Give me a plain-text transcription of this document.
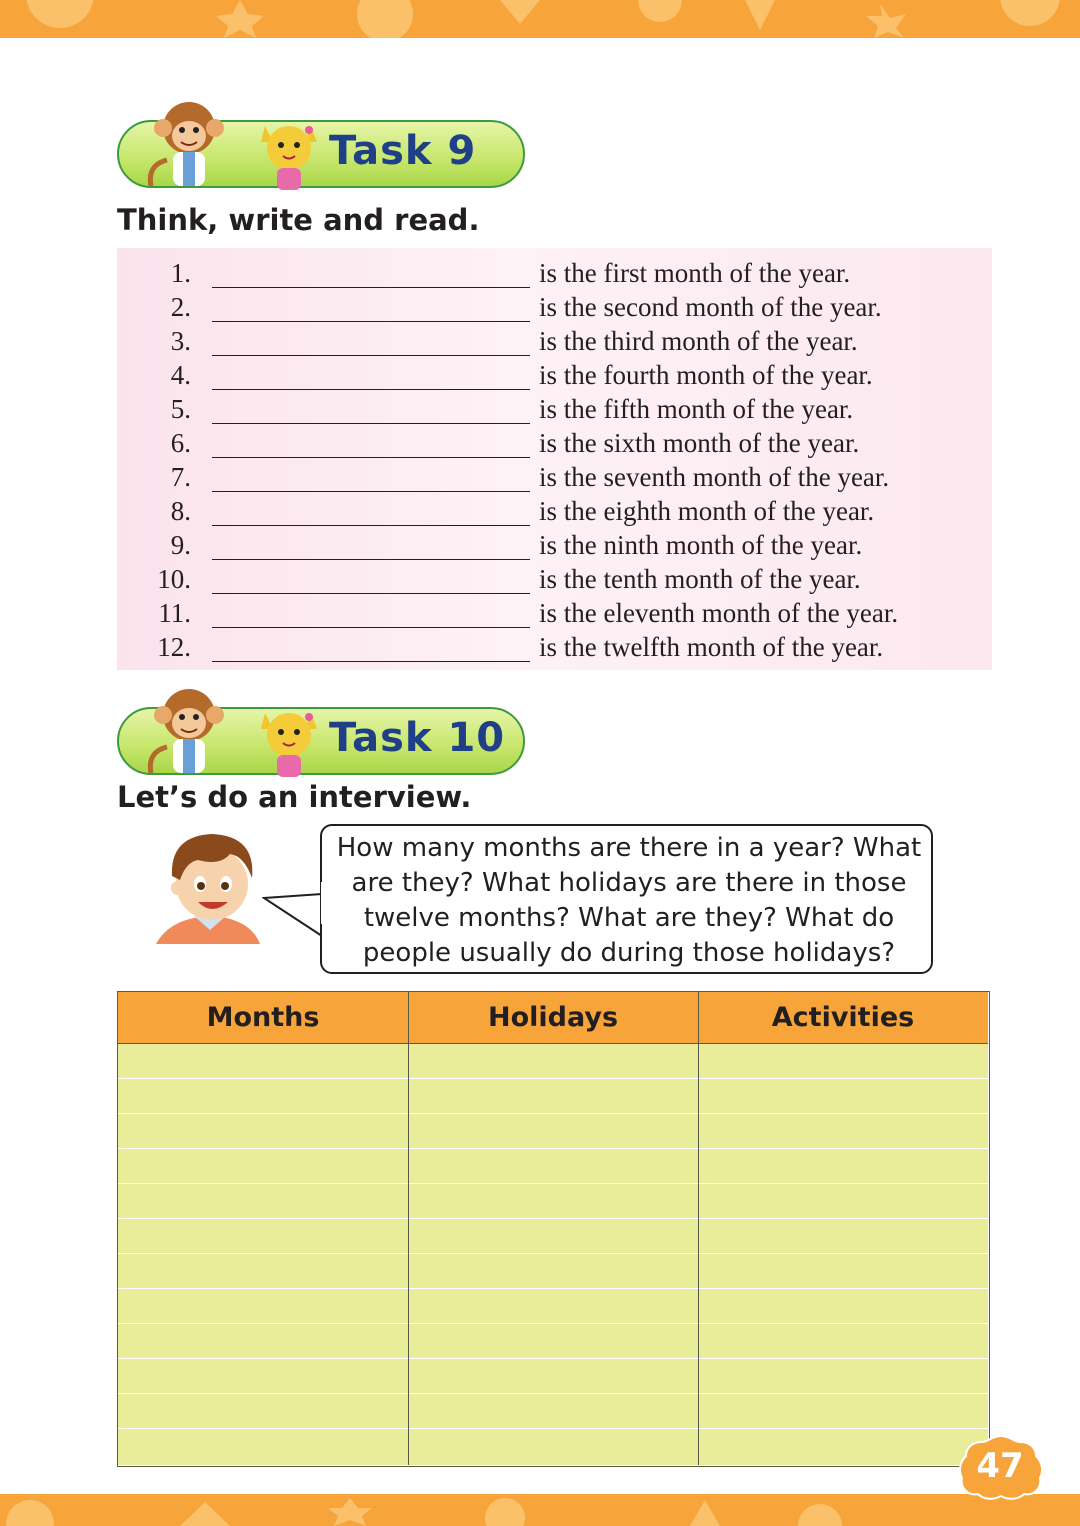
Task 9
Think, write and read.
1.	is the first month of the year.
2.	is the second month of the year.
3.	is the third month of the year.
4.	is the fourth month of the year.
5.	is the fifth month of the year.
6.	is the sixth month of the year.
7.	is the seventh month of the year.
8.	is the eighth month of the year.
9.	is the ninth month of the year.
10.	is the tenth month of the year.
11.	is the eleventh month of the year.
12.	is the twelfth month of the year.
Task 10
Let’s do an interview.
How many months are there in a year? What
are they? What holidays are there in those
twelve months? What are they? What do
people usually do during those holidays?
Months	Holidays	Activities
47
